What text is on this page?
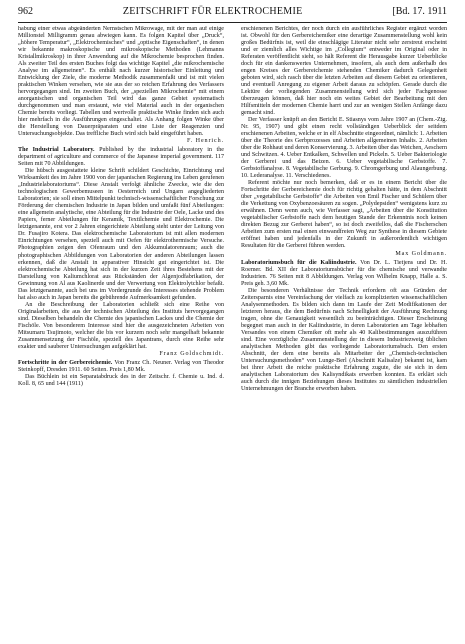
962	ZEITSCHRIFT FÜR ELEKTROCHEMIE	[Bd. 17. 1911

habung einer etwas abgeänderten Nernstschen Mikrowage, mit der man auf einige Millionstel Milligramm genau abwiegen kann. Es folgen Kapitel über „Druck“, „höhere Temperatur“, „Elektrochemisches“ und „optische Eigenschaften“, in denen wir bekannte makroskopische und mikroskopische Methoden (Lehmanns Kristallmikroskop) in ihrer Anwendung auf die Mikrochemie besprochen finden. Als zweiter Teil des ersten Buches folgt das wichtige Kapitel „die mikrochemische Analyse im allgemeinen“. Es enthält nach kurzer historischer Einleitung und Entwicklung der Ziele, die moderne Methodik zusammenfaßt und ist mit vielen praktischen Winken versehen, wie sie aus der so reichen Erfahrung des Verfassers hervorgegangen sind. Im zweiten Buch, der „speziellen Mikrochemie“ mit einem anorganischen und organischen Teil wird das ganze Gebiet systematisch durchgenommen und man erstaunt, wie viel Material auch in der organischen Chemie bereits vorliegt. Tabellen und wertvolle praktische Winke finden sich auch hier mehrfach in die Ausführungen eingeschaltet. Als Anhang folgen Winke über die Herstellung von Dauerpräparaten und eine Liste der Reagenzien und Untersuchungsobjekte. Das treffliche Buch wird sich bald eingeführt haben.

F. Henrich.

The Industrial Laboratory. Published by the industrial laboratory in the department of agriculture and commerce of the Japanese imperial government. 117 Seiten mit 70 Abbildungen.

Die hübsch ausgestattete kleine Schrift schildert Geschichte, Einrichtung und Wirksamkeit des im Jahre 1900 von der japanischen Regierung ins Leben gerufenen „Industrielaboratoriums“. Diese Anstalt verfolgt ähnliche Zwecke, wie die den technologischen Gewerbemuseen in Oesterreich und Ungarn angegliederten Laboratorien; sie soll einen Mittelpunkt technisch-wissenschaftlicher Forschung zur Förderung der chemischen Industrie in Japan bilden und umfaßt fünf Abteilungen: eine allgemein analytische, eine Abteilung für die Industrie der Oele, Lacke und des Papiers, ferner Abteilungen für Keramik, Textilchemie und Elektrochemie. Die letztgenannte, erst vor 2 Jahren eingerichtete Abteilung steht unter der Leitung von Dr. Fusajiro Kotera. Das elektrochemische Laboratorium ist mit allen modernen Einrichtungen versehen, speziell auch mit Oefen für elektrothermische Versuche. Photographien zeigen den Ofenraum und den Akkumulatorenraum; auch die photographischen Abbildungen von Laboratorien der anderen Abteilungen lassen erkennen, daß die Anstalt in apparativer Hinsicht gut eingerichtet ist. Die elektrochemische Abteilung hat sich in der kurzen Zeit ihres Bestehens mit der Darstellung von Kaliumchlorat aus Rückständen der Algenjodfabrikation, der Gewinnung von Al aus Kaolinerde und der Verwertung von Elektrolytchlor befaßt. Das letztgenannte, auch bei uns im Vordergrunde des Interesses stehende Problem hat also auch in Japan bereits die gebührende Aufmerksamkeit gefunden.

An die Beschreibung der Laboratorien schließt sich eine Reihe von Originalarbeiten, die aus der technischen Abteilung des Instituts hervorgegangen sind. Dieselben behandeln die Chemie des japanischen Lackes und die Chemie der Fischöle. Von besonderem Interesse sind hier die ausgezeichneten Arbeiten von Mitsumaru Tsujimoto, welcher die bis vor kurzem noch sehr mangelhaft bekannte Zusammensetzung der Fischöle, speziell des Japantrans, durch eine Reihe sehr exakter und sauberer Untersuchungen aufgeklärt hat.

Franz Goldschmidt.

Fortschritte in der Gerbereichemie. Von Franz Ch. Neuner. Verlag von Theodor Steinkopff, Dresden 1911. 60 Seiten. Preis 1,80 Mk.

Das Büchlein ist ein Separatabdruck des in der Zeitschr. f. Chemie u. Ind. d. Koll. 8, 65 und 144 (1911)

erschienenen Berichtes, der noch durch ein ausführliches Register ergänzt worden ist. Obwohl für den Gerbereichemiker eine derartige Zusammenstellung wohl kein großes Bedürfnis ist, weil die einschlägige Literatur nicht sehr zerstreut erscheint und er ziemlich alles Wichtige im „Collegium“ entweder im Original oder in Referaten veröffentlicht sieht, so hält Referent die Herausgabe kurzer Ueberblicke doch für ein dankenswertes Unternehmen, insofern, als auch dem außerhalb des engen Kreises der Gerbereichemie stehenden Chemiker dadurch Gelegenheit geboten wird, sich rasch über die letzten Arbeiten auf diesem Gebiet zu orientieren, und eventuell Anregung zu eigener Arbeit daraus zu schöpfen. Gerade durch die Lektüre der vorliegenden Zusammenstellung wird sich jeder Fachgenosse überzeugen können, daß hier noch ein weites Gebiet der Bearbeitung mit den Hilfsmitteln der modernen Chemie harrt und zur an wenigen Stellen Anfänge dazu gemacht sind.

Der Verfasser knüpft an den Bericht E. Stiasnys vom Jahre 1907 an (Chem.-Ztg. Nr. 95, 1907) und gibt einen recht vollständigen Ueberblick der seitdem erschienenen Arbeiten, welche er in elf Abschnitte eingeordnet, nämlich: 1. Arbeiten über die Theorie des Gerbprozesses und Arbeiten allgemeinen Inhalts. 2. Arbeiten über die Rohhaut und deren Konservierung. 3. Arbeiten über das Weichen, Aeschern und Schwitzen. 4. Ueber Entkalken, Schwellen und Pickeln. 5. Ueber Bakteriologie der Gerberei und das Beizen. 6. Ueber vegetabilische Gerbstoffe. 7. Gerbstoffanalyse. 8. Vegetabilische Gerbung. 9. Chromgerbung und Alaungerbung. 10. Lederanalyse. 11. Verschiedenes.

Referent möchte nur noch bemerken, daß er es in einem Bericht über die Fortschritte der Gerbereichemie doch für richtig gehalten hätte, in dem Abschnitt über „vegetabilische Gerbstoffe“ die Arbeiten von Emil Fischer und Schülern über die Verkettung von Oxybenzoesäuren zu sogen. „Polydepsiden“ wenigstens kurz zu erwähnen. Denn wenn auch, wie Verfasser sagt, „Arbeiten über die Konstitution vegetabilischer Gerbstoffe nach dem heutigen Stande der Erkenntnis noch keinen direkten Bezug zur Gerberei haben“, so ist doch zweifellos, daß die Fischerschen Arbeiten zum ersten mal einen einwandfreien Weg zur Synthese in diesem Gebiete eröffnet haben und jedenfalls in der Zukunft in außerordentlich wichtigen Resultaten für die Gerberei führen werden.

Max Goldmann.

Laboratoriumsbuch für die Kaliindustrie. Von Dr. L. Tietjens und Dr. H. Roemer. Bd. XII der Laboratoriumsbücher für die chemische und verwandte Industrien. 76 Seiten mit 8 Abbildungen. Verlag von Wilhelm Knapp, Halle a. S. Preis geh. 3,60 Mk.

Die besonderen Verhältnisse der Technik erfordern oft aus Gründen der Zeitersparnis eine Vereinfachung der vielfach zu komplizierten wissenschaftlichen Analysenmethoden. Es bilden sich dann im Laufe der Zeit Modifikationen der letzteren heraus, die dem Bedürfnis nach Schnelligkeit der Ausführung Rechnung tragen, ohne die Genauigkeit wesentlich zu beeinträchtigen. Dieser Erscheinung begegnet man auch in der Kaliindustrie, in deren Laboratorien am Tage lebhaften Versandes von einem Chemiker oft mehr als 40 Kalibestimmungen auszuführen sind. Eine vorzügliche Zusammenstellung der in diesem Industriezweig üblichen analytischen Methoden gibt das vorliegende Laboratoriumsbuch. Den ersten Abschnitt, der dem eine bereits als Mitarbeiter der „Chemisch-technischen Untersuchungsmethoden“ von Lunge-Berl (Abschnitt Kalisalze) bekannt ist, kam bei ihrer Arbeit die reiche praktische Erfahrung zugute, die sie sich in dem analytischen Laboratorium des Kalisyndikats erwerben konnten. Es erklärt sich auch durch die innigen Beziehungen dieses Institutes zu sämtlichen industriellen Unternehmungen der Branche erworben haben.
